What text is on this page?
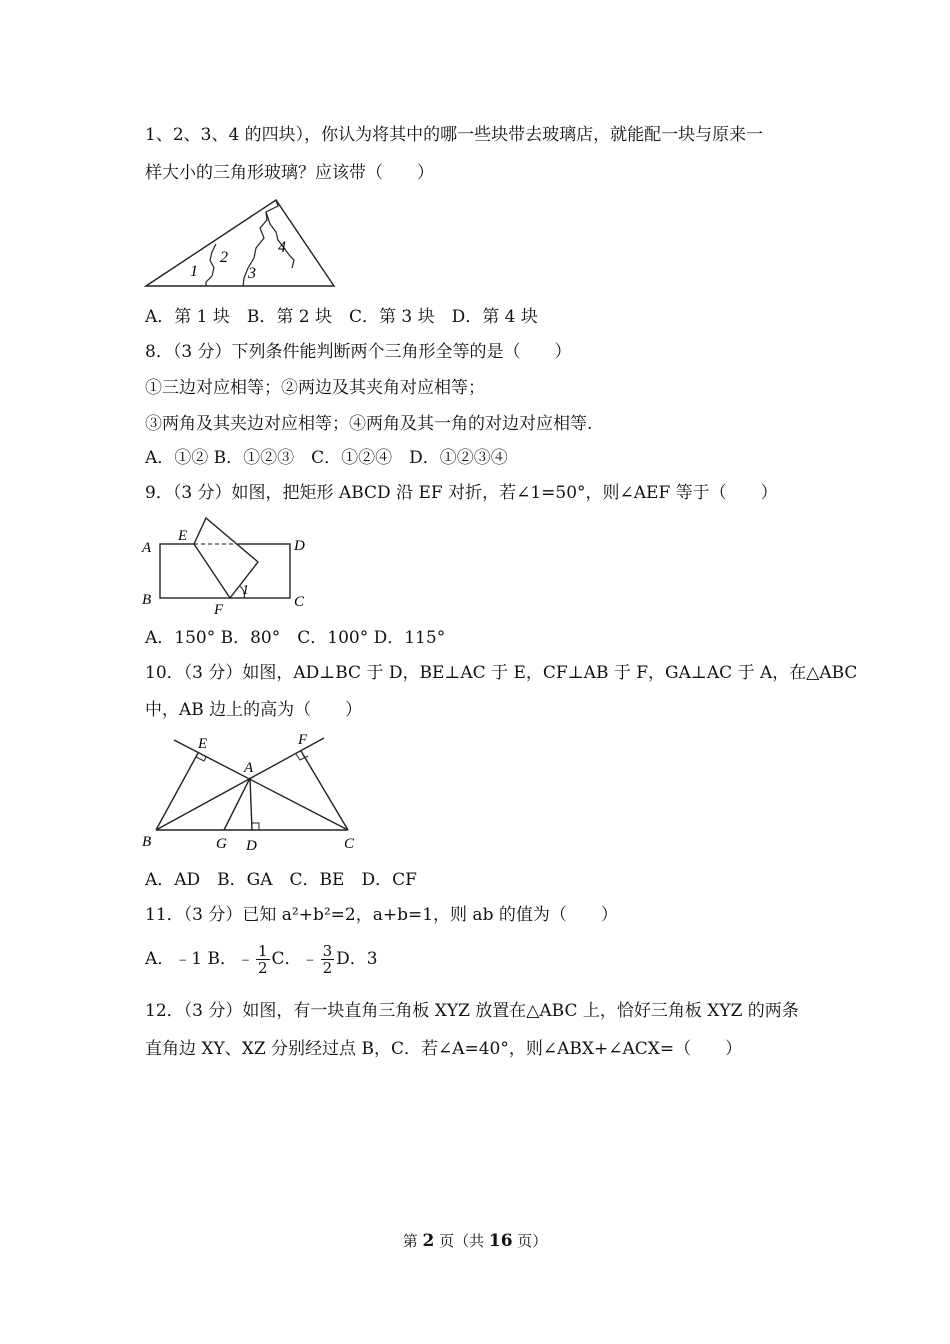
1、2、3、4 的四块），你认为将其中的哪一些块带去玻璃店，就能配一块与原来一
样大小的三角形玻璃？应该带（　　）
1
2
3
4
A．第 1 块　B．第 2 块　C．第 3 块　D．第 4 块
8．（3 分）下列条件能判断两个三角形全等的是（　　）
①三边对应相等；②两边及其夹角对应相等；
③两角及其夹边对应相等；④两角及其一角的对边对应相等.
A．①② B．①②③　C．①②④　D．①②③④
9．（3 分）如图，把矩形 ABCD 沿 EF 对折，若∠1=50°，则∠AEF 等于（　　）
A
E
D
B
F	C
1
A．150° B．80°　C．100° D．115°
10．（3 分）如图，AD⊥BC 于 D，BE⊥AC 于 E，CF⊥AB 于 F，GA⊥AC 于 A，在△ABC
中，AB 边上的高为（　　）
E	F
A
B	G D	C
A．AD　B．GA　C．BE　D．CF
11．（3 分）已知 a²+b²=2，a+b=1，则 ab 的值为（　　）
A．﹣1 B．﹣ $\frac{1}{2}$ C．﹣ $\frac{3}{2}$ D．3
12．（3 分）如图，有一块直角三角板 XYZ 放置在△ABC 上，恰好三角板 XYZ 的两条
直角边 XY、XZ 分别经过点 B，C．若∠A=40°，则∠ABX+∠ACX=（　　）
第 2 页（共 16 页）
